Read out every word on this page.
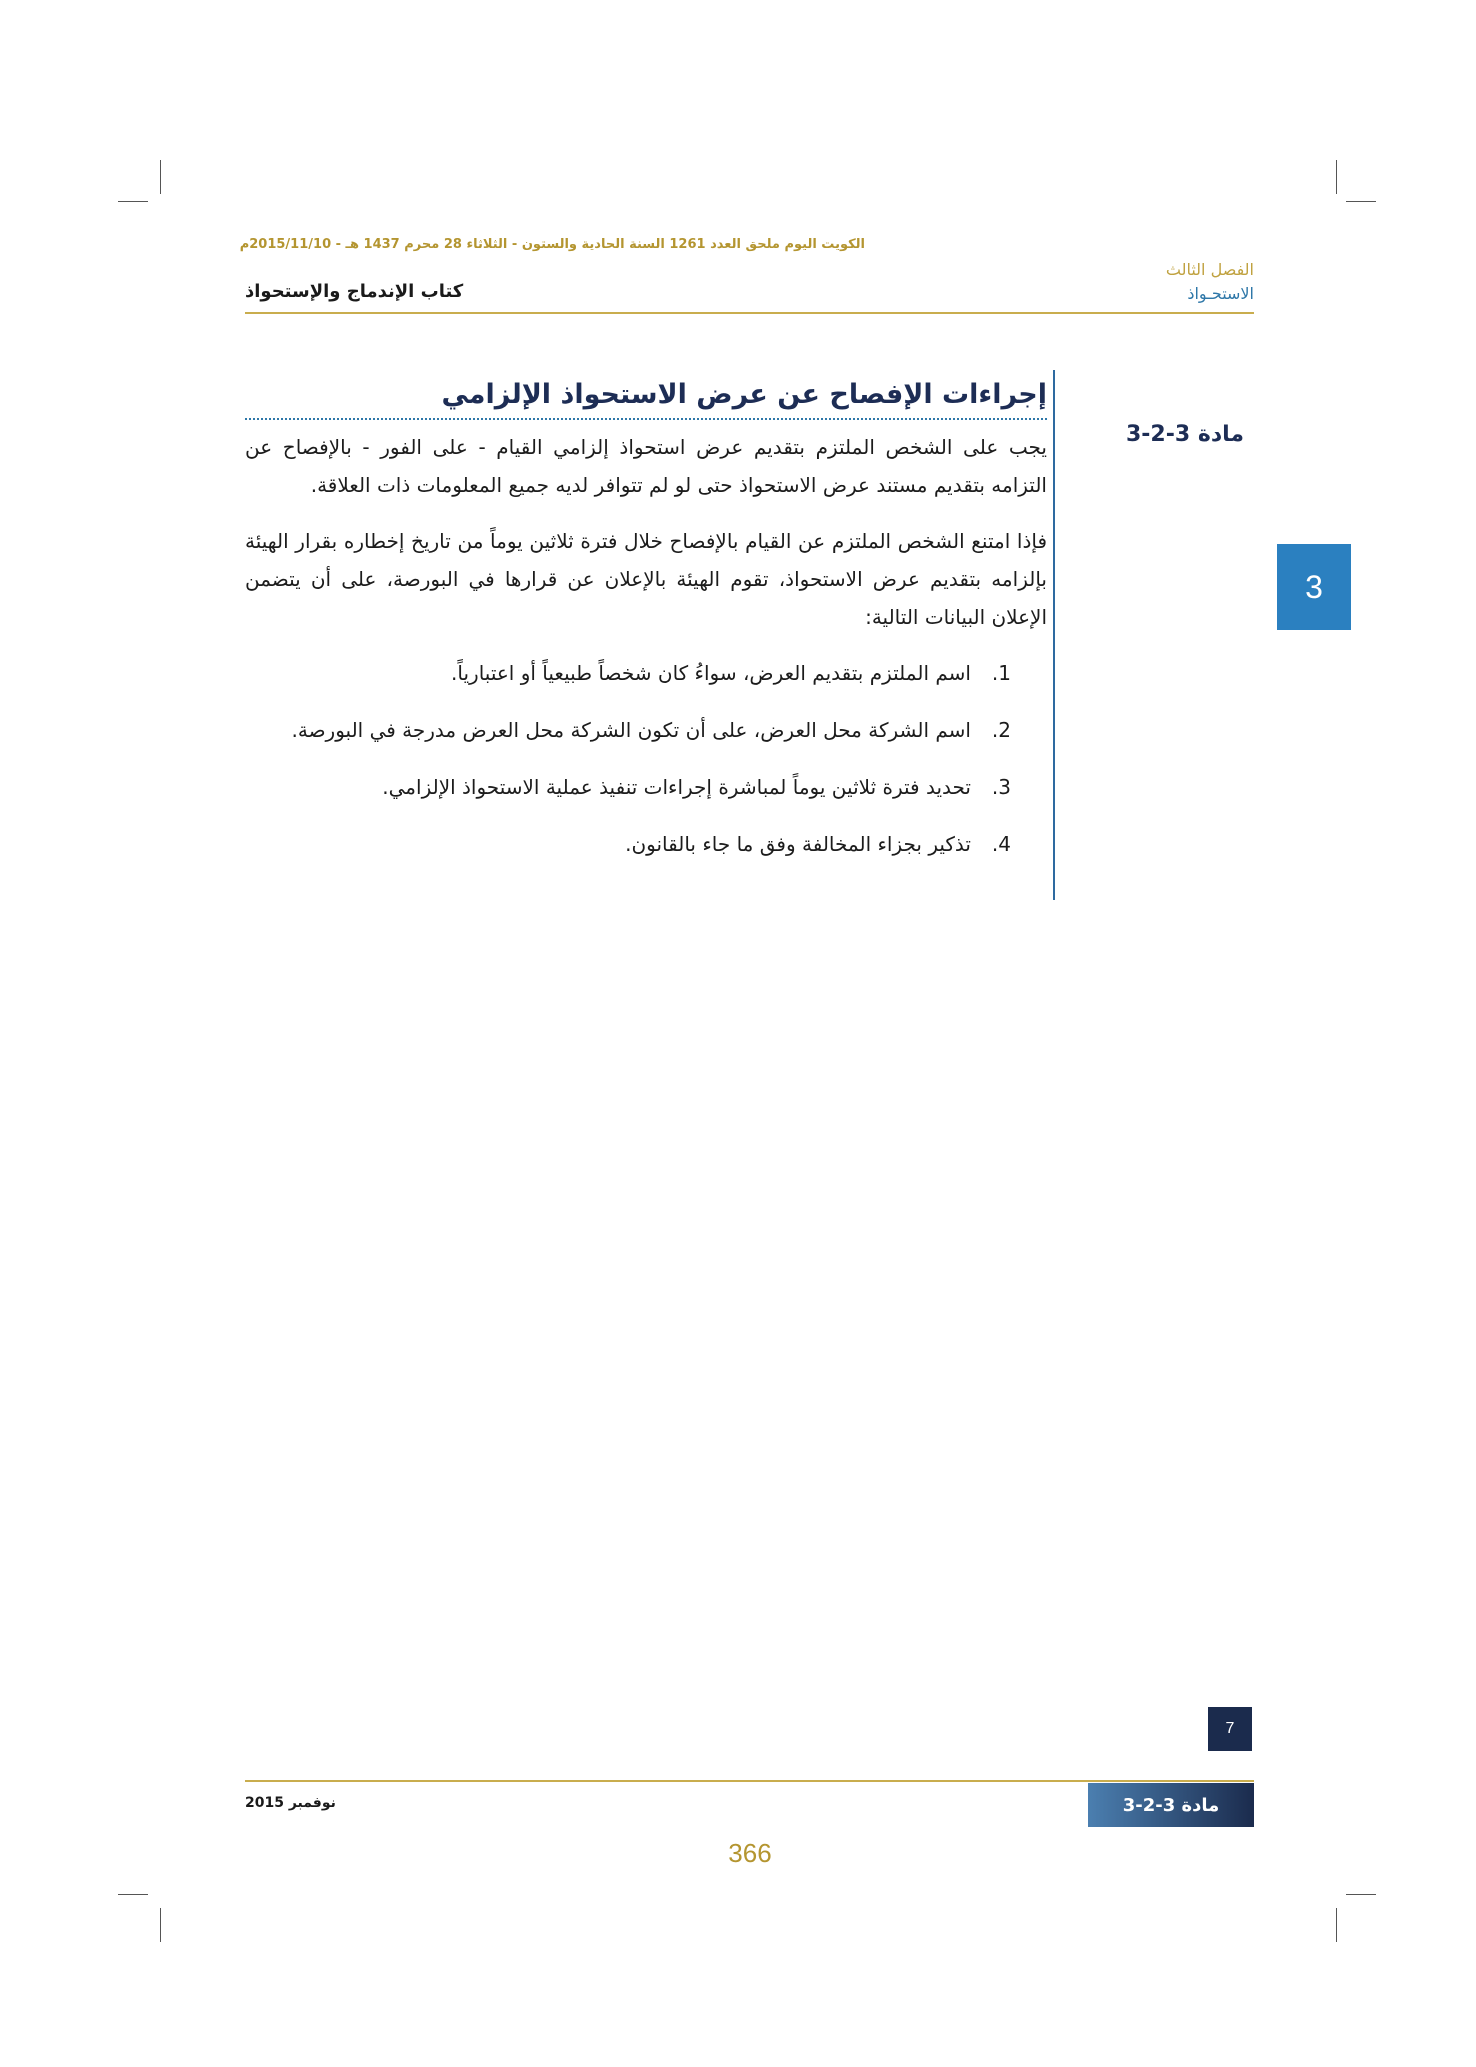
الكويت اليوم ملحق العدد 1261 السنة الحادية والستون - الثلاثاء 28 محرم 1437 هـ - 2015/11/10م
الفصل الثالث
الاستحـواذ
كتاب الإندماج والإستحواذ
3
مادة 3-2-3
إجراءات الإفصاح عن عرض الاستحواذ الإلزامي

يجب على الشخص الملتزم بتقديم عرض استحواذ إلزامي القيام - على الفور - بالإفصاح عن التزامه بتقديم مستند عرض الاستحواذ حتى لو لم تتوافر لديه جميع المعلومات ذات العلاقة.

فإذا امتنع الشخص الملتزم عن القيام بالإفصاح خلال فترة ثلاثين يوماً من تاريخ إخطاره بقرار الهيئة بإلزامه بتقديم عرض الاستحواذ، تقوم الهيئة بالإعلان عن قرارها في البورصة، على أن يتضمن الإعلان البيانات التالية:

1.
اسم الملتزم بتقديم العرض، سواءُ كان شخصاً طبيعياً أو اعتبارياً.
2.
اسم الشركة محل العرض، على أن تكون الشركة محل العرض مدرجة في البورصة.
3.
تحديد فترة ثلاثين يوماً لمباشرة إجراءات تنفيذ عملية الاستحواذ الإلزامي.
4.
تذكير بجزاء المخالفة وفق ما جاء بالقانون.
7
نوفمبر 2015	مادة 3-2-3
366
